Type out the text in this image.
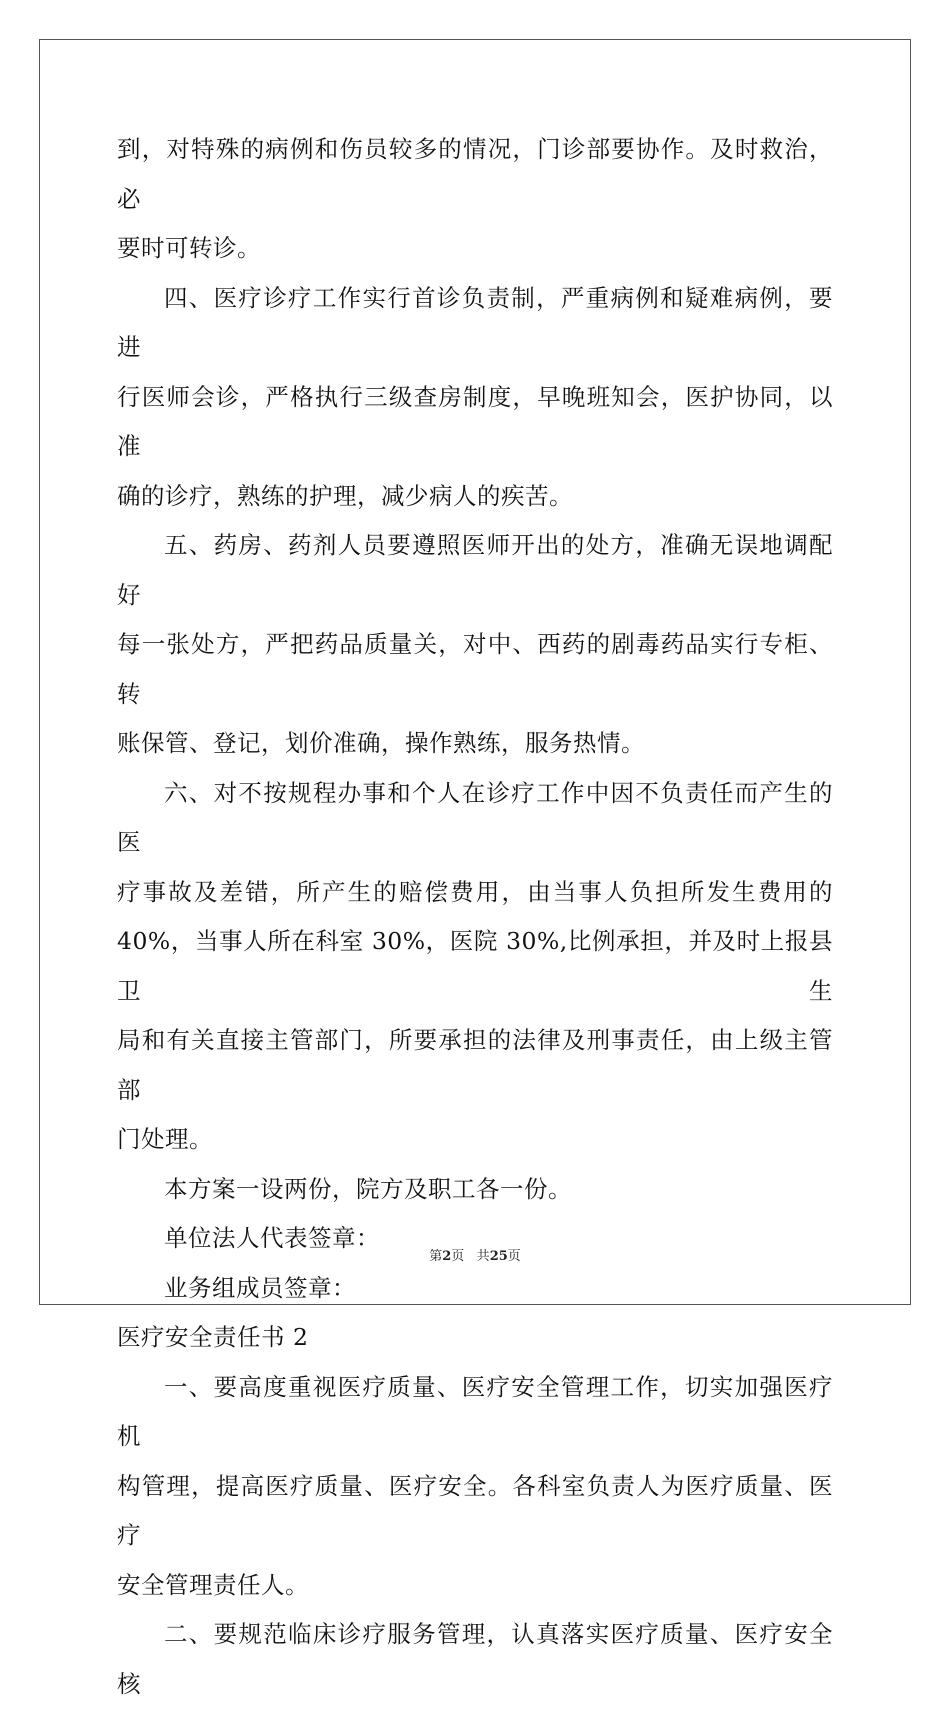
到，对特殊的病例和伤员较多的情况，门诊部要协作。及时救治，必
要时可转诊。

四、医疗诊疗工作实行首诊负责制，严重病例和疑难病例，要进
行医师会诊，严格执行三级查房制度，早晚班知会，医护协同，以准
确的诊疗，熟练的护理，减少病人的疾苦。

五、药房、药剂人员要遵照医师开出的处方，准确无误地调配好
每一张处方，严把药品质量关，对中、西药的剧毒药品实行专柜、转
账保管、登记，划价准确，操作熟练，服务热情。

六、对不按规程办事和个人在诊疗工作中因不负责任而产生的医
疗事故及差错，所产生的赔偿费用，由当事人负担所发生费用的
40%，当事人所在科室 30%，医院 30%,比例承担，并及时上报县卫生
局和有关直接主管部门，所要承担的法律及刑事责任，由上级主管部
门处理。

本方案一设两份，院方及职工各一份。

单位法人代表签章：

业务组成员签章：

医疗安全责任书 2

一、要高度重视医疗质量、医疗安全管理工作，切实加强医疗机
构管理，提高医疗质量、医疗安全。各科室负责人为医疗质量、医疗
安全管理责任人。

二、要规范临床诊疗服务管理，认真落实医疗质量、医疗安全核

第2页 共25页
